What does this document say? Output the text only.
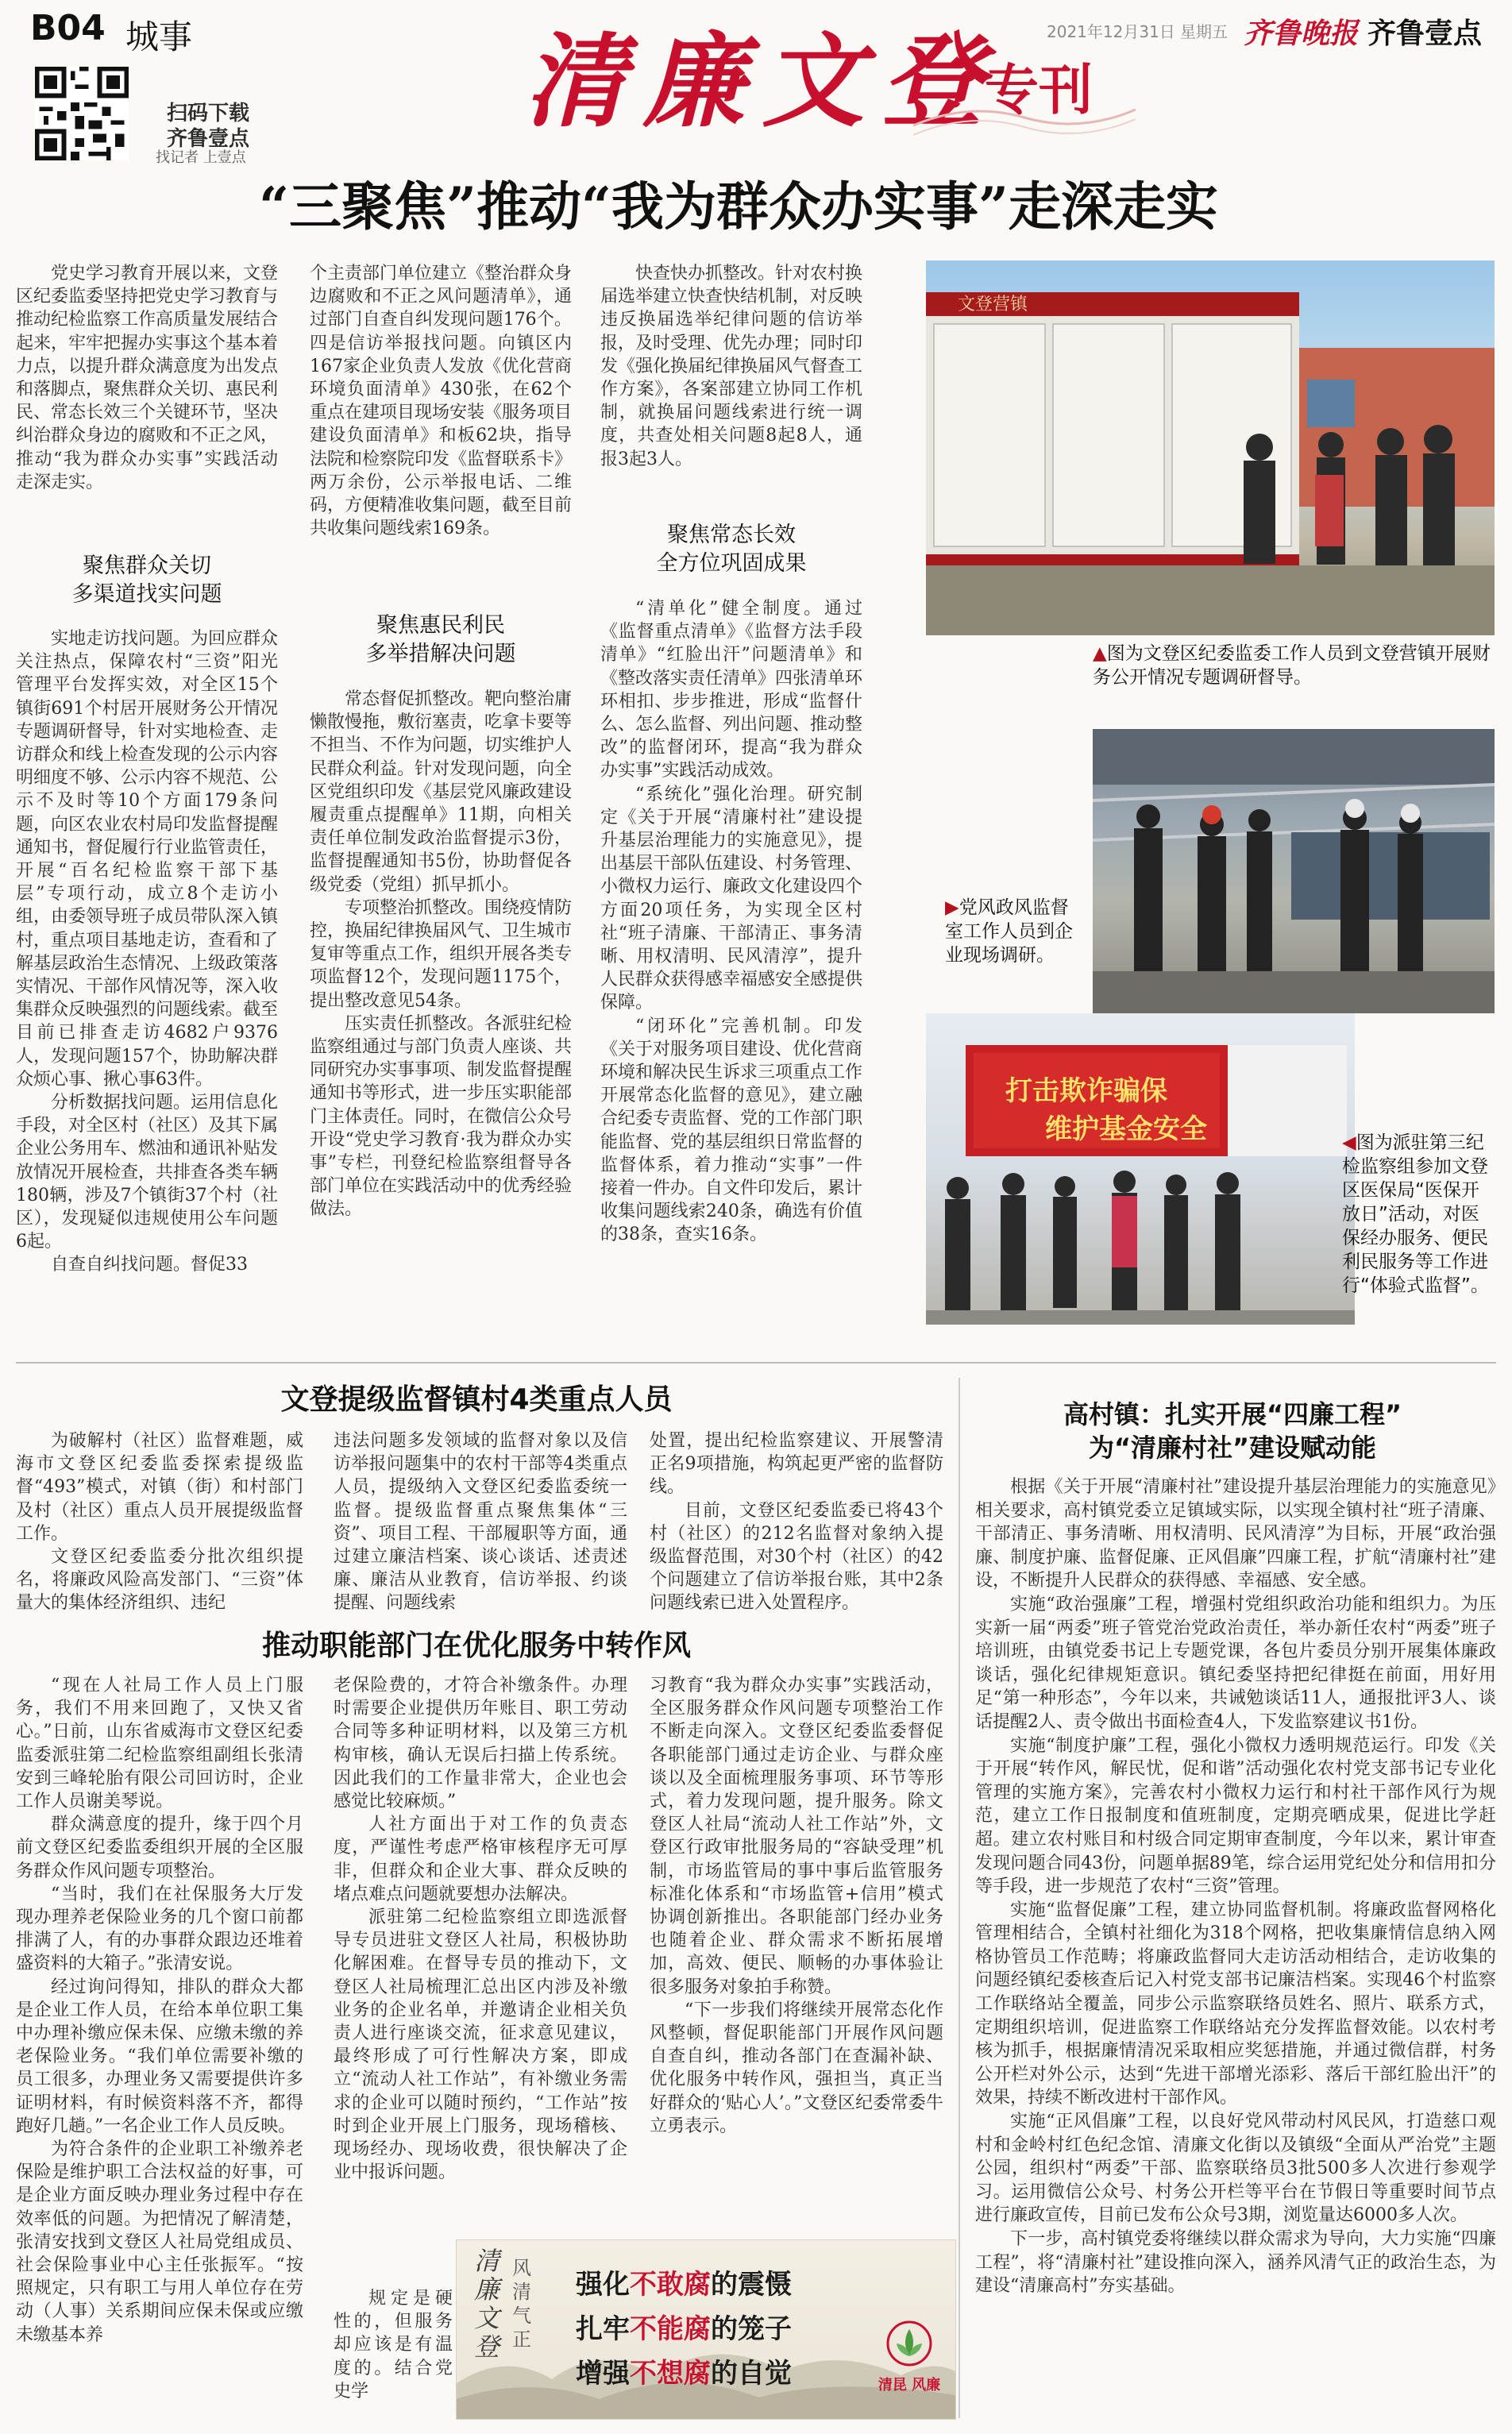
B04 城事
扫码下载
齐鲁壹点
找记者 上壹点
清廉文登
专刊
2021年12月31日 星期五 齐鲁晚报 齐鲁壹点
“三聚焦”推动“我为群众办实事”走深走实

党史学习教育开展以来，文登区纪委监委坚持把党史学习教育与推动纪检监察工作高质量发展结合起来，牢牢把握办实事这个基本着力点，以提升群众满意度为出发点和落脚点，聚焦群众关切、惠民利民、常态长效三个关键环节，坚决纠治群众身边的腐败和不正之风，推动“我为群众办实事”实践活动走深走实。

聚焦群众关切
多渠道找实问题

实地走访找问题。为回应群众关注热点，保障农村“三资”阳光管理平台发挥实效，对全区15个镇街691个村居开展财务公开情况专题调研督导，针对实地检查、走访群众和线上检查发现的公示内容明细度不够、公示内容不规范、公示不及时等10个方面179条问题，向区农业农村局印发监督提醒通知书，督促履行行业监管责任，开展“百名纪检监察干部下基层”专项行动，成立8个走访小组，由委领导班子成员带队深入镇村，重点项目基地走访，查看和了解基层政治生态情况、上级政策落实情况、干部作风情况等，深入收集群众反映强烈的问题线索。截至目前已排查走访4682户9376人，发现问题157个，协助解决群众烦心事、揪心事63件。

分析数据找问题。运用信息化手段，对全区村（社区）及其下属企业公务用车、燃油和通讯补贴发放情况开展检查，共排查各类车辆180辆，涉及7个镇街37个村（社区），发现疑似违规使用公车问题6起。

自查自纠找问题。督促33

个主责部门单位建立《整治群众身边腐败和不正之风问题清单》，通过部门自查自纠发现问题176个。四是信访举报找问题。向镇区内167家企业负责人发放《优化营商环境负面清单》430张，在62个重点在建项目现场安装《服务项目建设负面清单》和板62块，指导法院和检察院印发《监督联系卡》两万余份，公示举报电话、二维码，方便精准收集问题，截至目前共收集问题线索169条。

聚焦惠民利民
多举措解决问题

常态督促抓整改。靶向整治庸懒散慢拖，敷衍塞责，吃拿卡要等不担当、不作为问题，切实维护人民群众利益。针对发现问题，向全区党组织印发《基层党风廉政建设履责重点提醒单》11期，向相关责任单位制发政治监督提示3份，监督提醒通知书5份，协助督促各级党委（党组）抓早抓小。

专项整治抓整改。围绕疫情防控，换届纪律换届风气、卫生城市复审等重点工作，组织开展各类专项监督12个，发现问题1175个，提出整改意见54条。

压实责任抓整改。各派驻纪检监察组通过与部门负责人座谈、共同研究办实事事项、制发监督提醒通知书等形式，进一步压实职能部门主体责任。同时，在微信公众号开设“党史学习教育·我为群众办实事”专栏，刊登纪检监察组督导各部门单位在实践活动中的优秀经验做法。

快查快办抓整改。针对农村换届选举建立快查快结机制，对反映违反换届选举纪律问题的信访举报，及时受理、优先办理；同时印发《强化换届纪律换届风气督查工作方案》，各案部建立协同工作机制，就换届问题线索进行统一调度，共查处相关问题8起8人，通报3起3人。

聚焦常态长效
全方位巩固成果

“清单化”健全制度。通过《监督重点清单》《监督方法手段清单》“红脸出汗”问题清单》和《整改落实责任清单》四张清单环环相扣、步步推进，形成“监督什么、怎么监督、列出问题、推动整改”的监督闭环，提高“我为群众办实事”实践活动成效。

“系统化”强化治理。研究制定《关于开展“清廉村社”建设提升基层治理能力的实施意见》，提出基层干部队伍建设、村务管理、小微权力运行、廉政文化建设四个方面20项任务，为实现全区村社“班子清廉、干部清正、事务清晰、用权清明、民风清淳”，提升人民群众获得感幸福感安全感提供保障。

“闭环化”完善机制。印发《关于对服务项目建设、优化营商环境和解决民生诉求三项重点工作开展常态化监督的意见》，建立融合纪委专责监督、党的工作部门职能监督、党的基层组织日常监督的监督体系，着力推动“实事”一件接着一件办。自文件印发后，累计收集问题线索240条，确选有价值的38条，查实16条。

文登营镇
▲图为文登区纪委监委工作人员到文登营镇开展财务公开情况专题调研督导。
▶党风政风监督室工作人员到企业现场调研。
打击欺诈骗保
维护基金安全	◀图为派驻第三纪检监察组参加文登区医保局“医保开放日”活动，对医保经办服务、便民利民服务等工作进行“体验式监督”。
文登提级监督镇村4类重点人员

为破解村（社区）监督难题，威海市文登区纪委监委探索提级监督“493”模式，对镇（街）和村部门及村（社区）重点人员开展提级监督工作。

文登区纪委监委分批次组织提名，将廉政风险高发部门、“三资”体量大的集体经济组织、违纪

违法问题多发领域的监督对象以及信访举报问题集中的农村干部等4类重点人员，提级纳入文登区纪委监委统一监督。提级监督重点聚焦集体“三资”、项目工程、干部履职等方面，通过建立廉洁档案、谈心谈话、述责述廉、廉洁从业教育，信访举报、约谈提醒、问题线索

处置，提出纪检监察建议、开展警清正名9项措施，构筑起更严密的监督防线。

目前，文登区纪委监委已将43个村（社区）的212名监督对象纳入提级监督范围，对30个村（社区）的42个问题建立了信访举报台账，其中2条问题线索已进入处置程序。

推动职能部门在优化服务中转作风

“现在人社局工作人员上门服务，我们不用来回跑了，又快又省心。”日前，山东省威海市文登区纪委监委派驻第二纪检监察组副组长张清安到三峰轮胎有限公司回访时，企业工作人员谢美琴说。

群众满意度的提升，缘于四个月前文登区纪委监委组织开展的全区服务群众作风问题专项整治。

“当时，我们在社保服务大厅发现办理养老保险业务的几个窗口前都排满了人，有的办事群众跟边还堆着盛资料的大箱子。”张清安说。

经过询问得知，排队的群众大都是企业工作人员，在给本单位职工集中办理补缴应保未保、应缴未缴的养老保险业务。“我们单位需要补缴的员工很多，办理业务又需要提供许多证明材料，有时候资料落不齐，都得跑好几趟。”一名企业工作人员反映。

为符合条件的企业职工补缴养老保险是维护职工合法权益的好事，可是企业方面反映办理业务过程中存在效率低的问题。为把情况了解清楚，张清安找到文登区人社局党组成员、社会保险事业中心主任张振军。“按照规定，只有职工与用人单位存在劳动（人事）关系期间应保未保或应缴未缴基本养

老保险费的，才符合补缴条件。办理时需要企业提供历年账目、职工劳动合同等多种证明材料，以及第三方机构审核，确认无误后扫描上传系统。因此我们的工作量非常大，企业也会感觉比较麻烦。”

人社方面出于对工作的负责态度，严谨性考虑严格审核程序无可厚非，但群众和企业大事、群众反映的堵点难点问题就要想办法解决。

派驻第二纪检监察组立即选派督导专员进驻文登区人社局，积极协助化解困难。在督导专员的推动下，文登区人社局梳理汇总出区内涉及补缴业务的企业名单，并邀请企业相关负责人进行座谈交流，征求意见建议，最终形成了可行性解决方案，即成立“流动人社工作站”，有补缴业务需求的企业可以随时预约，“工作站”按时到企业开展上门服务，现场稽核、现场经办、现场收费，很快解决了企业中报诉问题。

规定是硬性的，但服务却应该是有温度的。结合党史学

习教育“我为群众办实事”实践活动，全区服务群众作风问题专项整治工作不断走向深入。文登区纪委监委督促各职能部门通过走访企业、与群众座谈以及全面梳理服务事项、环节等形式，着力发现问题，提升服务。除文登区人社局“流动人社工作站”外，文登区行政审批服务局的“容缺受理”机制，市场监管局的事中事后监管服务标准化体系和“市场监管+信用”模式协调创新推出。各职能部门经办业务也随着企业、群众需求不断拓展增加，高效、便民、顺畅的办事体验让很多服务对象拍手称赞。

“下一步我们将继续开展常态化作风整顿，督促职能部门开展作风问题自查自纠，推动各部门在查漏补缺、优化服务中转作风，强担当，真正当好群众的‘贴心人’。”文登区纪委常委牛立勇表示。

清廉文登
风清气正
强化不敢腐的震慑
扎牢不能腐的笼子
增强不想腐的自觉	清昆 风廉
高村镇：扎实开展“四廉工程”
为“清廉村社”建设赋动能

根据《关于开展“清廉村社”建设提升基层治理能力的实施意见》相关要求，高村镇党委立足镇域实际，以实现全镇村社“班子清廉、干部清正、事务清晰、用权清明、民风清淳”为目标，开展“政治强廉、制度护廉、监督促廉、正风倡廉”四廉工程，扩航“清廉村社”建设，不断提升人民群众的获得感、幸福感、安全感。

实施“政治强廉”工程，增强村党组织政治功能和组织力。为压实新一届“两委”班子管党治党政治责任，举办新任农村“两委”班子培训班，由镇党委书记上专题党课，各包片委员分别开展集体廉政谈话，强化纪律规矩意识。镇纪委坚持把纪律挺在前面，用好用足“第一种形态”，今年以来，共诫勉谈话11人，通报批评3人、谈话提醒2人、责令做出书面检查4人，下发监察建议书1份。

实施“制度护廉”工程，强化小微权力透明规范运行。印发《关于开展“转作风，解民忧，促和谐”活动强化农村党支部书记专业化管理的实施方案》，完善农村小微权力运行和村社干部作风行为规范，建立工作日报制度和值班制度，定期亮晒成果，促进比学赶超。建立农村账目和村级合同定期审查制度，今年以来，累计审查发现问题合同43份，问题单据89笔，综合运用党纪处分和信用扣分等手段，进一步规范了农村“三资”管理。

实施“监督促廉”工程，建立协同监督机制。将廉政监督网格化管理相结合，全镇村社细化为318个网格，把收集廉情信息纳入网格协管员工作范畴；将廉政监督同大走访活动相结合，走访收集的问题经镇纪委核查后记入村党支部书记廉洁档案。实现46个村监察工作联络站全覆盖，同步公示监察联络员姓名、照片、联系方式，定期组织培训，促进监察工作联络站充分发挥监督效能。以农村考核为抓手，根据廉情清况采取相应奖惩措施，并通过微信群，村务公开栏对外公示，达到“先进干部增光添彩、落后干部红脸出汗”的效果，持续不断改进村干部作风。

实施“正风倡廉”工程，以良好党风带动村风民风，打造慈口观村和金岭村红色纪念馆、清廉文化街以及镇级“全面从严治党”主题公园，组织村“两委”干部、监察联络员3批500多人次进行参观学习。运用微信公众号、村务公开栏等平台在节假日等重要时间节点进行廉政宣传，目前已发布公众号3期，浏览量达6000多人次。

下一步，高村镇党委将继续以群众需求为导向，大力实施“四廉工程”，将“清廉村社”建设推向深入，涵养风清气正的政治生态，为建设“清廉高村”夯实基础。
